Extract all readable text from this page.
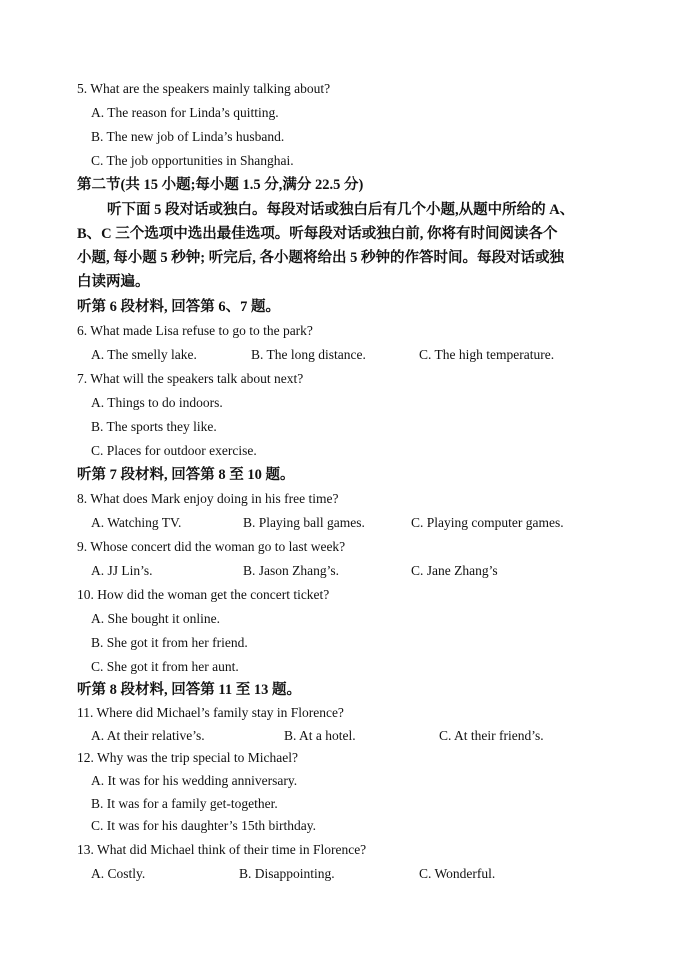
5. What are the speakers mainly talking about?
A. The reason for Linda’s quitting.
B. The new job of Linda’s husband.
C. The job opportunities in Shanghai.
第二节(共 15 小题;每小题 1.5 分,满分 22.5 分)
听下面 5 段对话或独白。每段对话或独白后有几个小题,从题中所给的 A、
B、C 三个选项中选出最佳选项。听每段对话或独白前, 你将有时间阅读各个
小题, 每小题 5 秒钟; 听完后, 各小题将给出 5 秒钟的作答时间。每段对话或独
白读两遍。
听第 6 段材料, 回答第 6、7 题。
6. What made Lisa refuse to go to the park?
A. The smelly lake.	B. The long distance.	C. The high temperature.
7. What will the speakers talk about next?
A. Things to do indoors.
B. The sports they like.
C. Places for outdoor exercise.
听第 7 段材料, 回答第 8 至 10 题。
8. What does Mark enjoy doing in his free time?
A. Watching TV.	B. Playing ball games.	C. Playing computer games.
9. Whose concert did the woman go to last week?
A. JJ Lin’s.	B. Jason Zhang’s.	C. Jane Zhang’s
10. How did the woman get the concert ticket?
A. She bought it online.
B. She got it from her friend.
C. She got it from her aunt.
听第 8 段材料, 回答第 11 至 13 题。
11. Where did Michael’s family stay in Florence?
A. At their relative’s.	B. At a hotel.	C. At their friend’s.
12. Why was the trip special to Michael?
A. It was for his wedding anniversary.
B. It was for a family get-together.
C. It was for his daughter’s 15th birthday.
13. What did Michael think of their time in Florence?
A. Costly.	B. Disappointing.	C. Wonderful.
